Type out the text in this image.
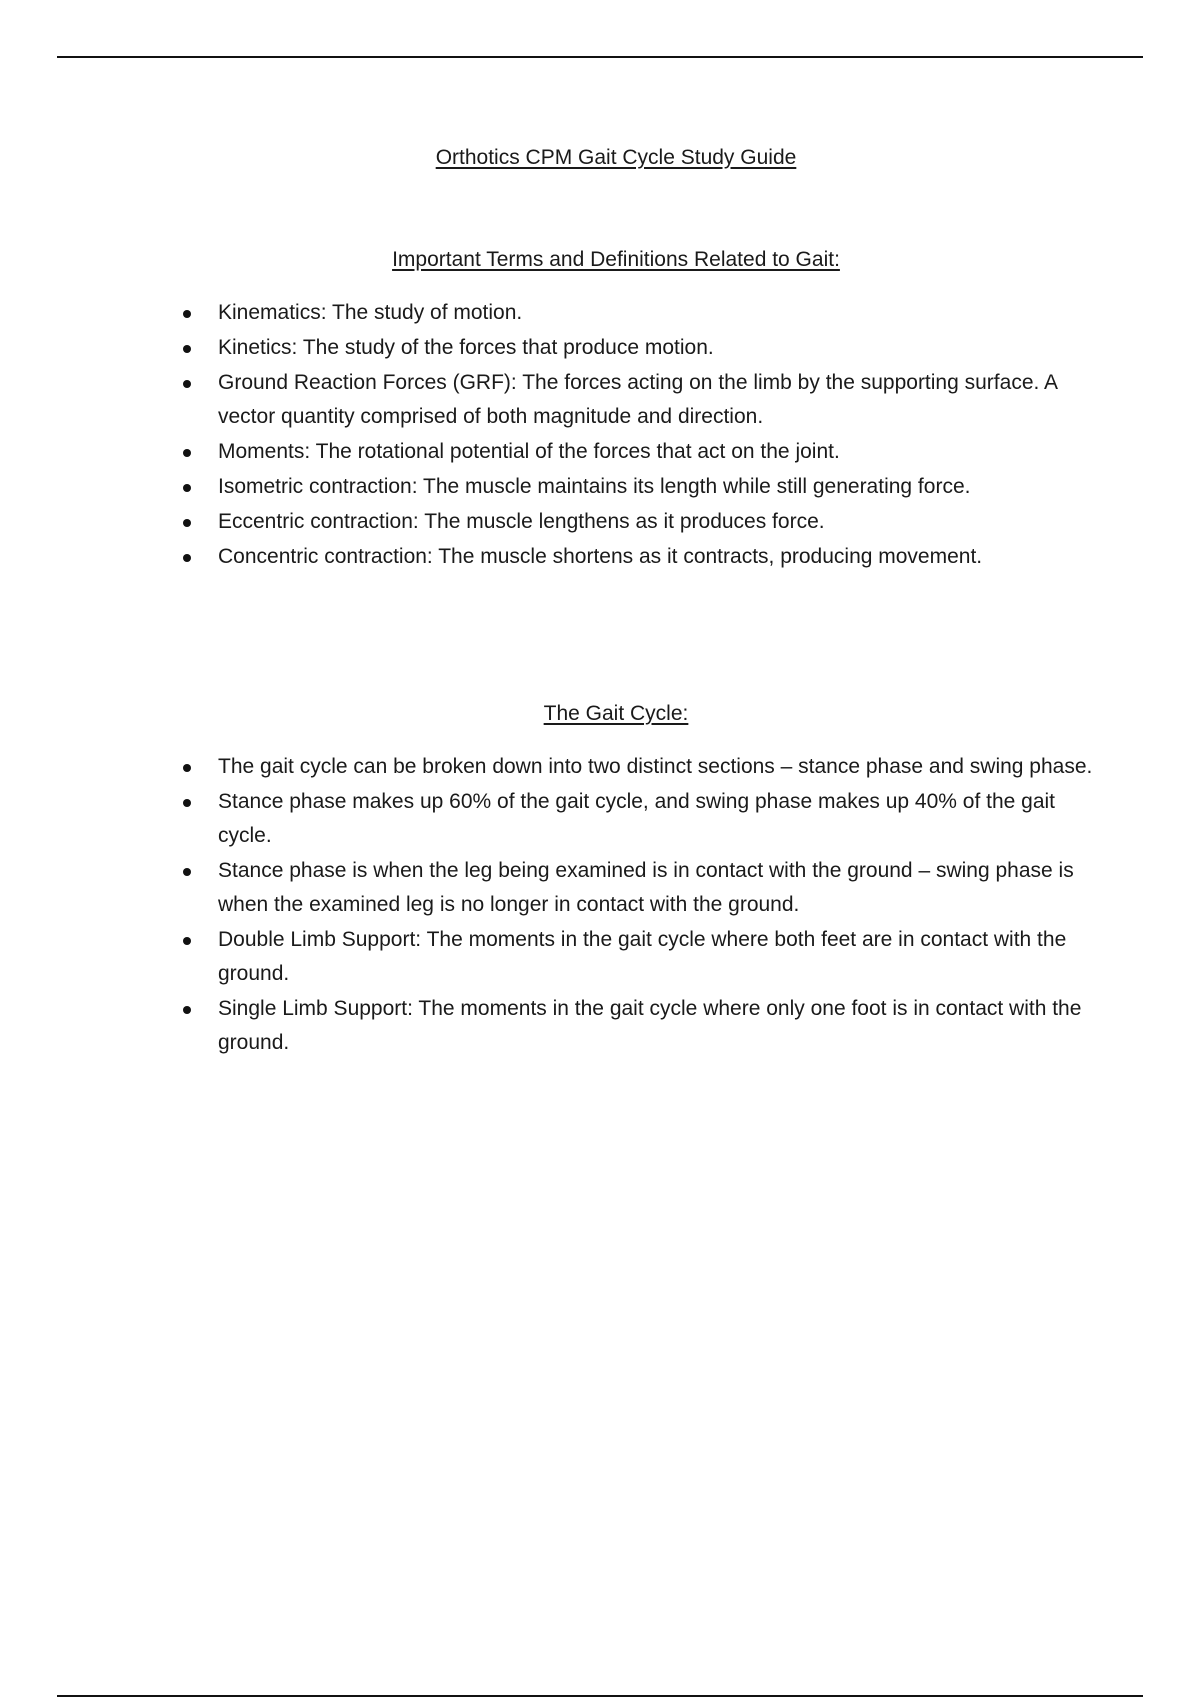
Orthotics CPM Gait Cycle Study Guide
Important Terms and Definitions Related to Gait:
Kinematics: The study of motion.
Kinetics: The study of the forces that produce motion.
Ground Reaction Forces (GRF): The forces acting on the limb by the supporting surface. A vector quantity comprised of both magnitude and direction.
Moments: The rotational potential of the forces that act on the joint.
Isometric contraction: The muscle maintains its length while still generating force.
Eccentric contraction: The muscle lengthens as it produces force.
Concentric contraction: The muscle shortens as it contracts, producing movement.
The Gait Cycle:
The gait cycle can be broken down into two distinct sections – stance phase and swing phase.
Stance phase makes up 60% of the gait cycle, and swing phase makes up 40% of the gait cycle.
Stance phase is when the leg being examined is in contact with the ground – swing phase is when the examined leg is no longer in contact with the ground.
Double Limb Support: The moments in the gait cycle where both feet are in contact with the ground.
Single Limb Support: The moments in the gait cycle where only one foot is in contact with the ground.
